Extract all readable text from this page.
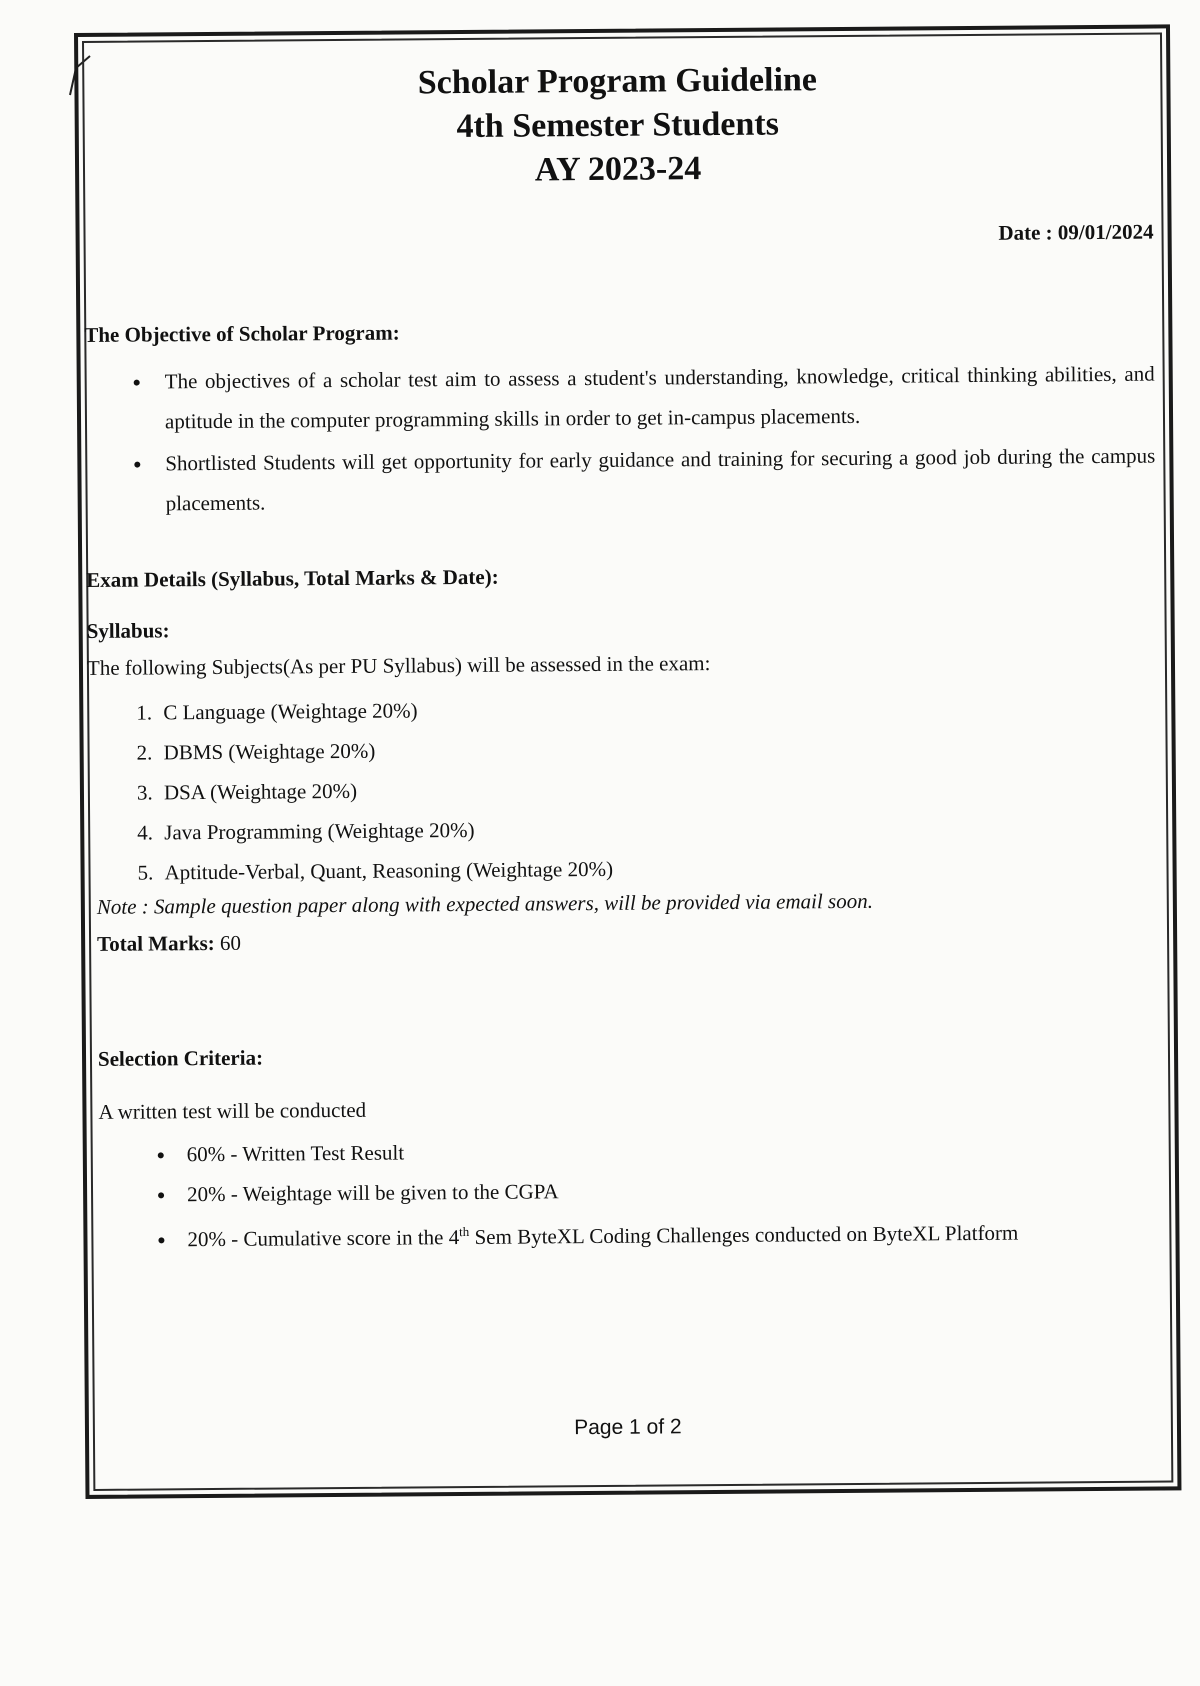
Scholar Program Guideline
4th Semester Students
AY 2023-24
Date : 09/01/2024
The Objective of Scholar Program:
• The objectives of a scholar test aim to assess a student's understanding, knowledge, critical thinking abilities, and aptitude in the computer programming skills in order to get in-campus placements.
• Shortlisted Students will get opportunity for early guidance and training for securing a good job during the campus placements.
Exam Details (Syllabus, Total Marks & Date):
Syllabus:
The following Subjects(As per PU Syllabus) will be assessed in the exam:
1. C Language (Weightage 20%)
2. DBMS (Weightage 20%)
3. DSA (Weightage 20%)
4. Java Programming (Weightage 20%)
5. Aptitude-Verbal, Quant, Reasoning (Weightage 20%)
Note : Sample question paper along with expected answers, will be provided via email soon.
Total Marks: 60
Selection Criteria:
A written test will be conducted
• 60% - Written Test Result
• 20% - Weightage will be given to the CGPA
• 20% - Cumulative score in the 4th Sem ByteXL Coding Challenges conducted on ByteXL Platform
Page 1 of 2
